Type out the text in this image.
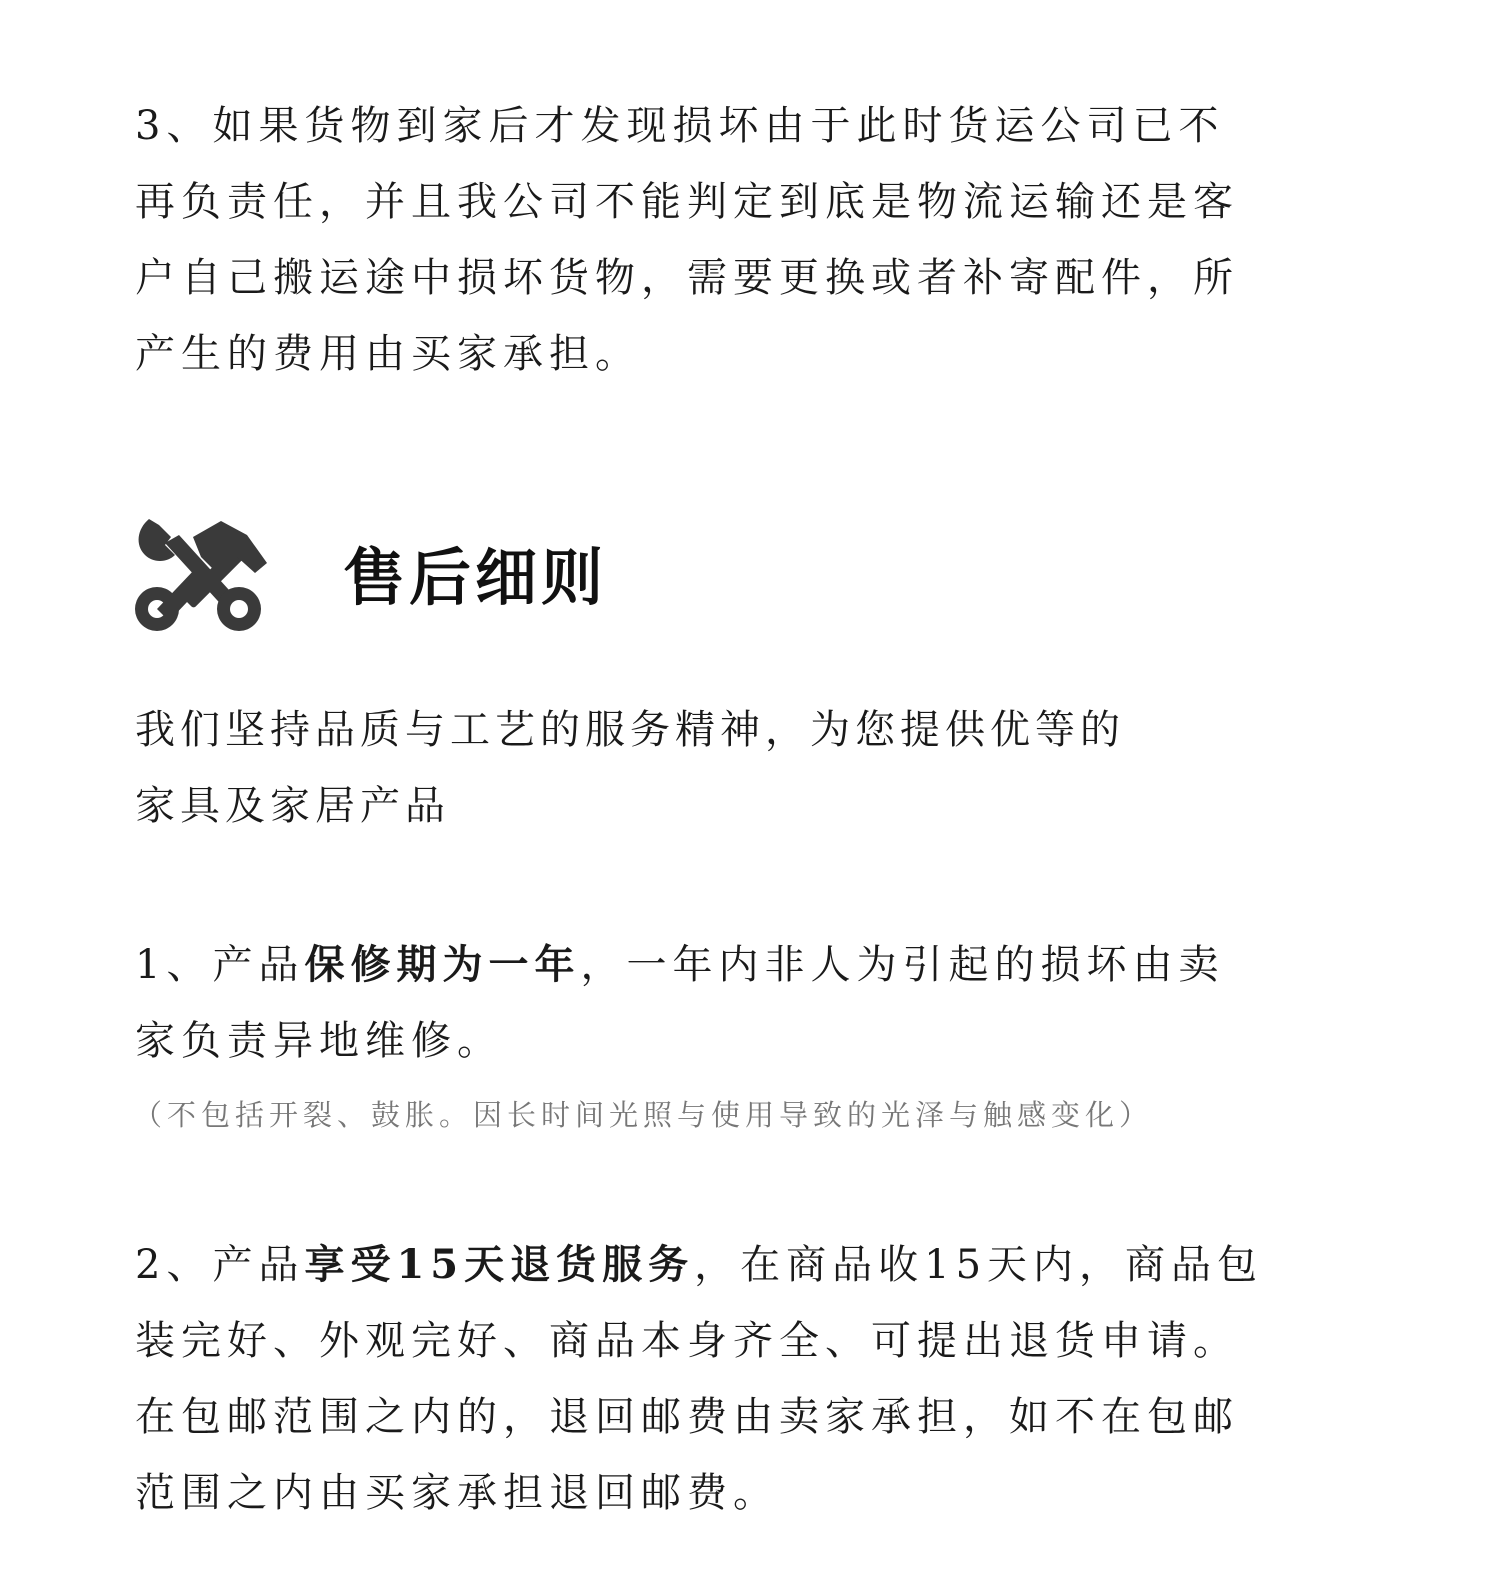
3、如果货物到家后才发现损坏由于此时货运公司已不
再负责任，并且我公司不能判定到底是物流运输还是客
户自己搬运途中损坏货物，需要更换或者补寄配件，所
产生的费用由买家承担。

售后细则

我们坚持品质与工艺的服务精神，为您提供优等的
家具及家居产品

1、产品保修期为一年，一年内非人为引起的损坏由卖
家负责异地维修。

（不包括开裂、鼓胀。因长时间光照与使用导致的光泽与触感变化）

2、产品享受15天退货服务，在商品收15天内，商品包
装完好、外观完好、商品本身齐全、可提出退货申请。
在包邮范围之内的，退回邮费由卖家承担，如不在包邮
范围之内由买家承担退回邮费。
